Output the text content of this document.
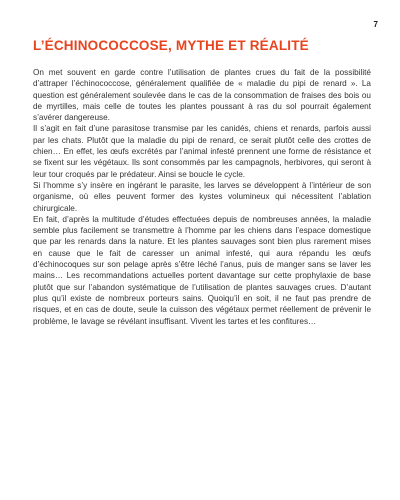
7
L’ÉCHINOCOCCOSE, MYTHE ET RÉALITÉ

On met souvent en garde contre l’utilisation de plantes crues du fait de la possibilité d’attraper l’échinococcose, généralement qualifiée de « maladie du pipi de renard ». La question est généralement soulevée dans le cas de la consommation de fraises des bois ou de myrtilles, mais celle de toutes les plantes poussant à ras du sol pourrait également s’avérer dangereuse.

Il s’agit en fait d’une parasitose transmise par les canidés, chiens et renards, parfois aussi par les chats. Plutôt que la maladie du pipi de renard, ce serait plutôt celle des crottes de chien… En effet, les œufs excrétés par l’animal infesté prennent une forme de résistance et se fixent sur les végétaux. Ils sont consommés par les campagnols, herbivores, qui seront à leur tour croqués par le prédateur. Ainsi se boucle le cycle.

Si l’homme s’y insère en ingérant le parasite, les larves se développent à l’intérieur de son organisme, où elles peuvent former des kystes volumineux qui nécessitent l’ablation chirurgicale.

En fait, d’après la multitude d’études effectuées depuis de nombreuses années, la maladie semble plus facilement se transmettre à l’homme par les chiens dans l’espace domestique que par les renards dans la nature. Et les plantes sauvages sont bien plus rarement mises en cause que le fait de caresser un animal infesté, qui aura répandu les œufs d’échinocoques sur son pelage après s’être léché l’anus, puis de manger sans se laver les mains… Les recommandations actuelles portent davantage sur cette prophylaxie de base plutôt que sur l’abandon systématique de l’utilisation de plantes sauvages crues. D’autant plus qu’il existe de nombreux porteurs sains. Quoiqu’il en soit, il ne faut pas prendre de risques, et en cas de doute, seule la cuisson des végétaux permet réellement de prévenir le problème, le lavage se révélant insuffisant. Vivent les tartes et les confitures…
